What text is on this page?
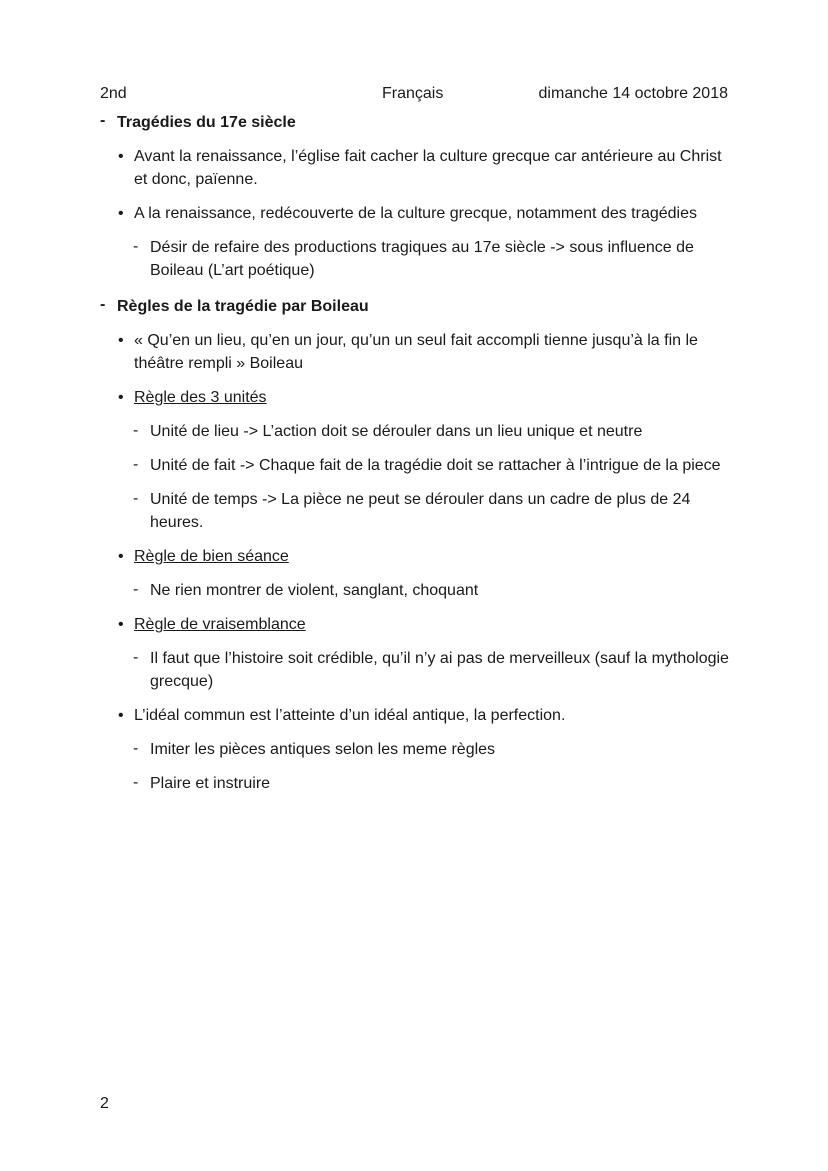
2nd	Français	dimanche 14 octobre 2018
- Tragédies du 17e siècle
• Avant la renaissance, l’église fait cacher la culture grecque car antérieure au Christ et donc, païenne.
• A la renaissance, redécouverte de la culture grecque, notamment des tragédies
- Désir de refaire des productions tragiques au 17e siècle -> sous influence de Boileau (L’art poétique)
- Règles de la tragédie par Boileau
• « Qu’en un lieu, qu’en un jour, qu’un un seul fait accompli tienne jusqu’à la fin le théâtre rempli » Boileau
• Règle des 3 unités
- Unité de lieu -> L’action doit se dérouler dans un lieu unique et neutre
- Unité de fait -> Chaque fait de la tragédie doit se rattacher à l’intrigue de la piece
- Unité de temps -> La pièce ne peut se dérouler dans un cadre de plus de 24 heures.
• Règle de bien séance
- Ne rien montrer de violent, sanglant, choquant
• Règle de vraisemblance
- Il faut que l’histoire soit crédible, qu’il n’y ai pas de merveilleux (sauf la mythologie grecque)
• L’idéal commun est l’atteinte d’un idéal antique, la perfection.
- Imiter les pièces antiques selon les meme règles
- Plaire et instruire
2
